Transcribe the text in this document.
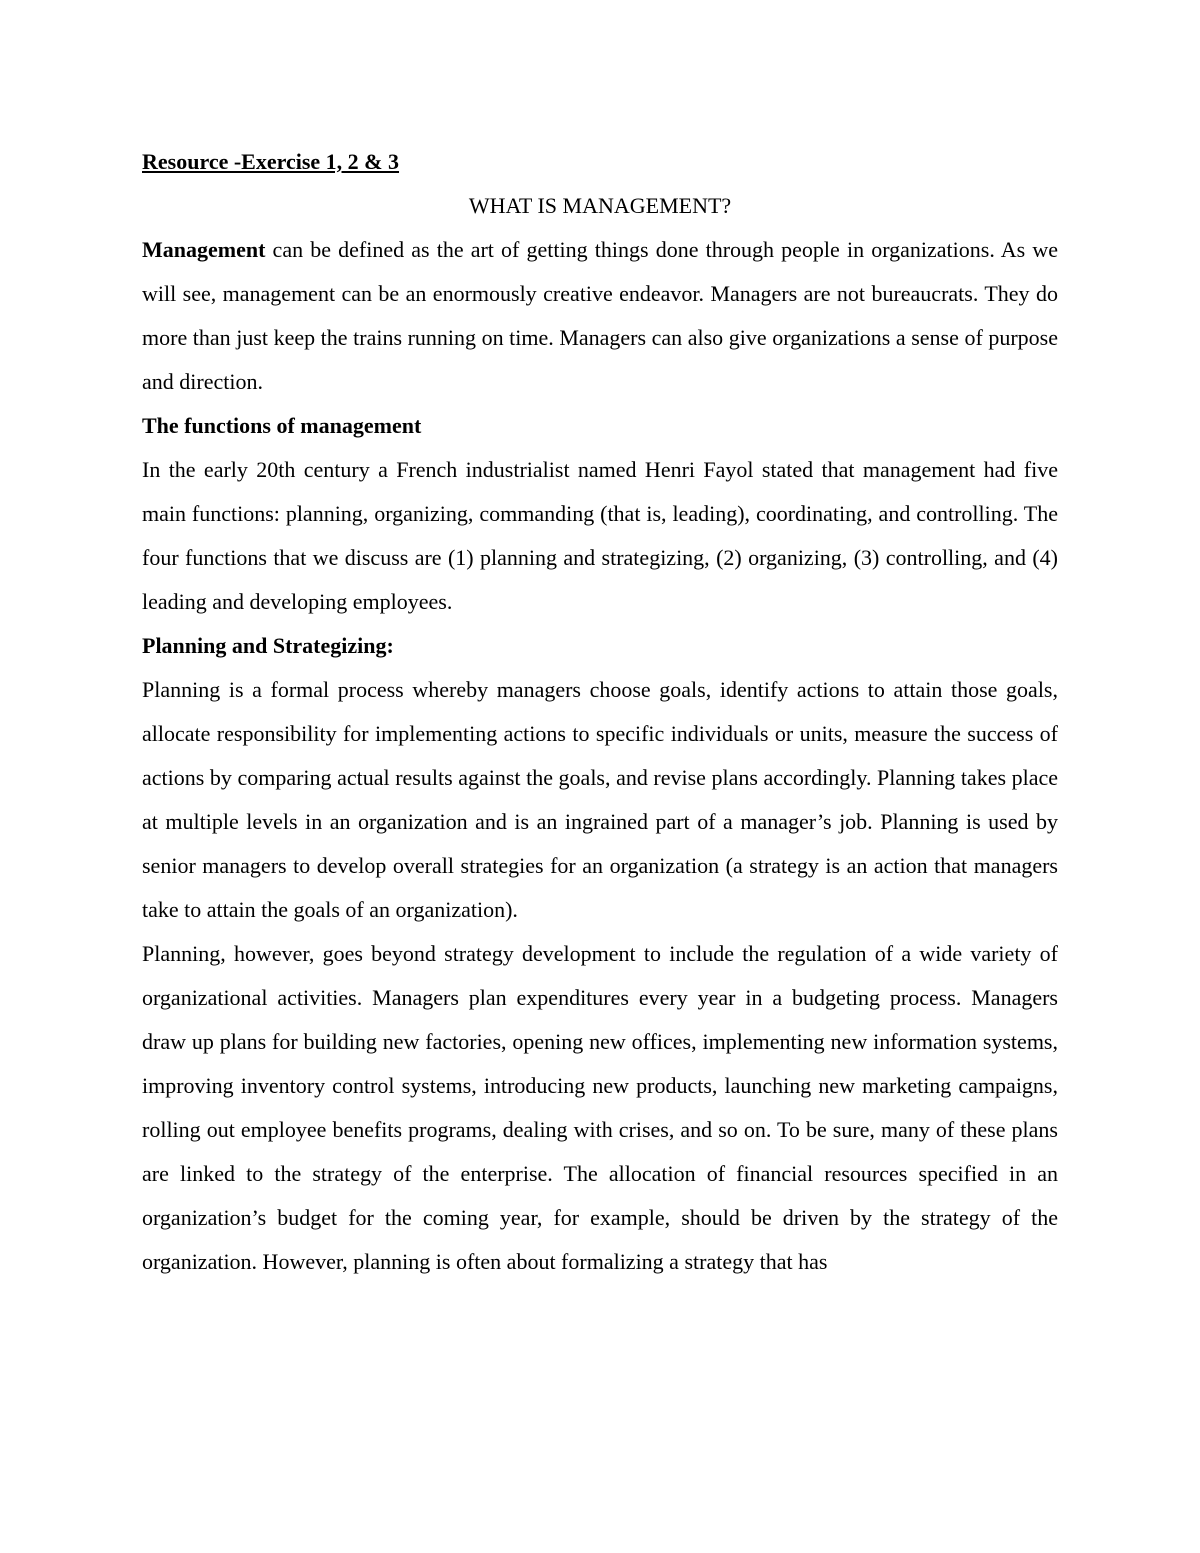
Resource -Exercise 1, 2 & 3

WHAT IS MANAGEMENT?

Management can be defined as the art of getting things done through people in organizations. As we will see, management can be an enormously creative endeavor. Managers are not bureaucrats. They do more than just keep the trains running on time. Managers can also give organizations a sense of purpose and direction.

The functions of management

In the early 20th century a French industrialist named Henri Fayol stated that management had five main functions: planning, organizing, commanding (that is, leading), coordinating, and controlling. The four functions that we discuss are (1) planning and strategizing, (2) organizing, (3) controlling, and (4) leading and developing employees.

Planning and Strategizing:

Planning is a formal process whereby managers choose goals, identify actions to attain those goals, allocate responsibility for implementing actions to specific individuals or units, measure the success of actions by comparing actual results against the goals, and revise plans accordingly. Planning takes place at multiple levels in an organization and is an ingrained part of a manager’s job. Planning is used by senior managers to develop overall strategies for an organization (a strategy is an action that managers take to attain the goals of an organization).

Planning, however, goes beyond strategy development to include the regulation of a wide variety of organizational activities. Managers plan expenditures every year in a budgeting process. Managers draw up plans for building new factories, opening new offices, implementing new information systems, improving inventory control systems, introducing new products, launching new marketing campaigns, rolling out employee benefits programs, dealing with crises, and so on. To be sure, many of these plans are linked to the strategy of the enterprise. The allocation of financial resources specified in an organization’s budget for the coming year, for example, should be driven by the strategy of the organization. However, planning is often about formalizing a strategy that has
